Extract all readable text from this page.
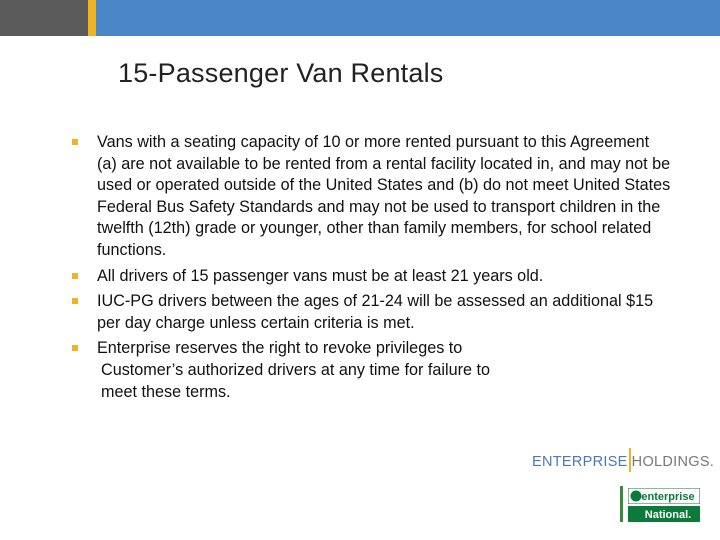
15-Passenger Van Rentals
Vans with a seating capacity of 10 or more rented pursuant to this Agreement (a) are not available to be rented from a rental facility located in, and may not be used or operated outside of the United States and (b) do not meet United States Federal Bus Safety Standards and may not be used to transport children in the twelfth (12th) grade or younger, other than family members, for school related functions.
All drivers of 15 passenger vans must be at least 21 years old.
IUC-PG drivers between the ages of 21-24 will be assessed an additional $15 per day charge unless certain criteria is met.
Enterprise reserves the right to revoke privileges to
Customer’s authorized drivers at any time for failure to meet these terms.
ENTERPRISE HOLDINGS.
enterprise
National.
